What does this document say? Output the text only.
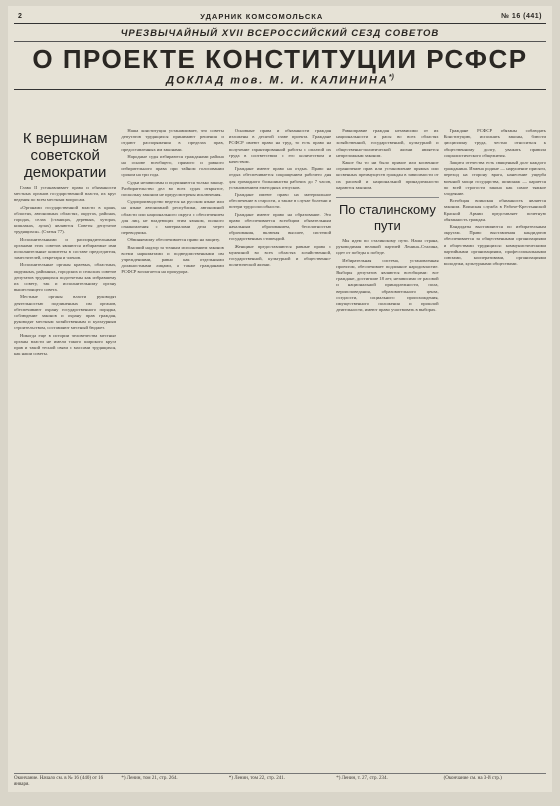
2	УДАРНИК КОМСОМОЛЬСКА	№ 16 (441)
ЧРЕЗВЫЧАЙНЫЙ XVII ВСЕРОССИЙСКИЙ СЕЗД СОВЕТОВ
О ПРОЕКТЕ КОНСТИТУЦИИ РСФСР
ДОКЛАД тов. М. И. КАЛИНИНА*)
К вершинам советской демократии

Глава II устанавливает права и обязанности местных органов государственной власти, их круг ведения по всем местным вопросам.

«Органами государственной власти в краях, областях, автономных областях, округах, районах, городах, селах (станицах, деревнях, хуторах, кишлаках, аулах) являются Советы депутатов трудящихся». (Статья 77).

Исполнительными и распорядительными органами этих советов являются избираемые ими исполнительные комитеты в составе председателя, заместителей, секретаря и членов.

Исполнительные органы краевых, областных, окружных, районных, городских и сельских советов депутатов трудящихся подотчетны как избравшему их совету, так и исполнительному органу вышестоящего совета.

Местные органы власти руководят деятельностью подчиненных им органов, обеспечивают охрану государственного порядка, соблюдение законов и охрану прав граждан, руководят местным хозяйственным и культурным строительством, составляют местный бюджет.

Никогда еще в истории человечества местные органы власти не имели такого широкого круга прав и такой тесной связи с массами трудящихся, как наши советы.

Наша конституция устанавливает, что советы депутатов трудящихся принимают решения и отдают распоряжения в пределах прав, предоставленных им законами.

Народные суды избираются гражданами района на основе всеобщего, прямого и равного избирательного права при тайном голосовании сроком на три года.

Судьи независимы и подчиняются только закону. Разбирательство дел во всех судах открытое, поскольку законом не предусмотрены исключения.

Судопроизводство ведется на русском языке или на языке автономной республики, автономной области или национального округа с обеспечением для лиц, не владеющих этим языком, полного ознакомления с материалами дела через переводчика.

Обвиняемому обеспечивается право на защиту.

Высший надзор за точным исполнением законов всеми наркоматами и подведомственными им учреждениями, равно как отдельными должностными лицами, а также гражданами РСФСР возлагается на прокурора.

Основные права и обязанности граждан изложены в десятой главе проекта. Граждане РСФСР имеют право на труд, то есть право на получение гарантированной работы с оплатой их труда в соответствии с его количеством и качеством.

Граждане имеют право на отдых. Право на отдых обеспечивается сокращением рабочего дня для громадного большинства рабочих до 7 часов, установлением ежегодных отпусков.

Граждане имеют право на материальное обеспечение в старости, а также в случае болезни и потери трудоспособности.

Граждане имеют право на образование. Это право обеспечивается всеобщим обязательным начальным образованием, бесплатностью образования, включая высшее, системой государственных стипендий.

Женщине предоставляются равные права с мужчиной во всех областях хозяйственной, государственной, культурной и общественно-политической жизни.

Равноправие граждан независимо от их национальности и расы во всех областях хозяйственной, государственной, культурной и общественно-политической жизни является непреложным законом.

Какое бы то ни было прямое или косвенное ограничение прав или установление прямых или косвенных преимуществ граждан в зависимости от их расовой и национальной принадлежности караются законом.

По сталинскому пути

Мы идем по сталинскому пути. Наша страна, руководимая великой партией Ленина–Сталина, идет от победы к победе.

Избирательная система, установленная проектом, обеспечивает подлинное народовластие. Выборы депутатов являются всеобщими: все граждане, достигшие 18 лет, независимо от расовой и национальной принадлежности, пола, вероисповедания, образовательного ценза, оседлости, социального происхождения, имущественного положения и прошлой деятельности, имеют право участвовать в выборах.

Граждане РСФСР обязаны соблюдать Конституцию, исполнять законы, блюсти дисциплину труда, честно относиться к общественному долгу, уважать правила социалистического общежития.

Защита отечества есть священный долг каждого гражданина. Измена родине — нарушение присяги, переход на сторону врага, нанесение ущерба военной мощи государства, шпионаж — карается по всей строгости закона как самое тяжкое злодеяние.

Всеобщая воинская обязанность является законом. Воинская служба в Рабоче-Крестьянской Красной Армии представляет почетную обязанность граждан.

Кандидаты выставляются по избирательным округам. Право выставления кандидатов обеспечивается за общественными организациями и обществами трудящихся: коммунистическими партийными организациями, профессиональными союзами, кооперативами, организациями молодежи, культурными обществами.

Окончание. Начало см. в № 16 (440) от 16 января.
*) Ленин, том 21, стр. 264.	*) Ленин, том 22, стр. 241.	*) Ленин, т. 27, стр. 234.	(Окончание см. на 3-й стр.)
